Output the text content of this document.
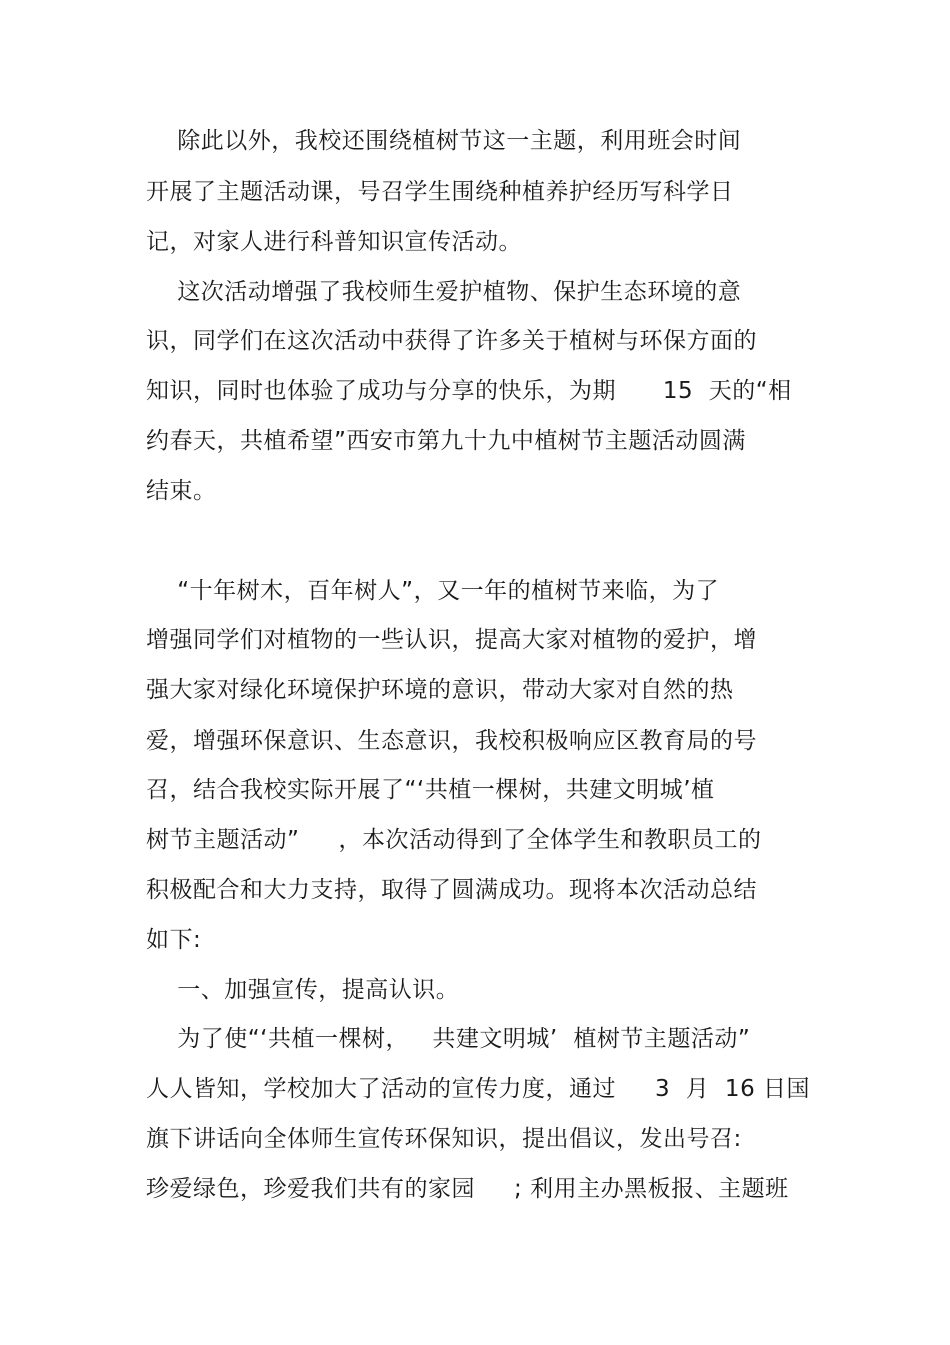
除此以外，我校还围绕植树节这一主题，利用班会时间
开展了主题活动课，号召学生围绕种植养护经历写科学日
记，对家人进行科普知识宣传活动。
这次活动增强了我校师生爱护植物、保护生态环境的意
识，同学们在这次活动中获得了许多关于植树与环保方面的
知识，同时也体验了成功与分享的快乐，为期      15  天的“相
约春天，共植希望”西安市第九十九中植树节主题活动圆满
结束。
“十年树木，百年树人”，又一年的植树节来临，为了
增强同学们对植物的一些认识，提高大家对植物的爱护，增
强大家对绿化环境保护环境的意识，带动大家对自然的热
爱，增强环保意识、生态意识，我校积极响应区教育局的号
召，结合我校实际开展了“‘共植一棵树，共建文明城’植
树节主题活动”     ，本次活动得到了全体学生和教职员工的
积极配合和大力支持，取得了圆满成功。现将本次活动总结
如下:
一、加强宣传，提高认识。
为了使“‘共植一棵树，   共建文明城’  植树节主题活动”
人人皆知，学校加大了活动的宣传力度，通过     3  月  16 日国
旗下讲话向全体师生宣传环保知识，提出倡议，发出号召:
珍爱绿色，珍爱我们共有的家园     ; 利用主办黑板报、主题班
